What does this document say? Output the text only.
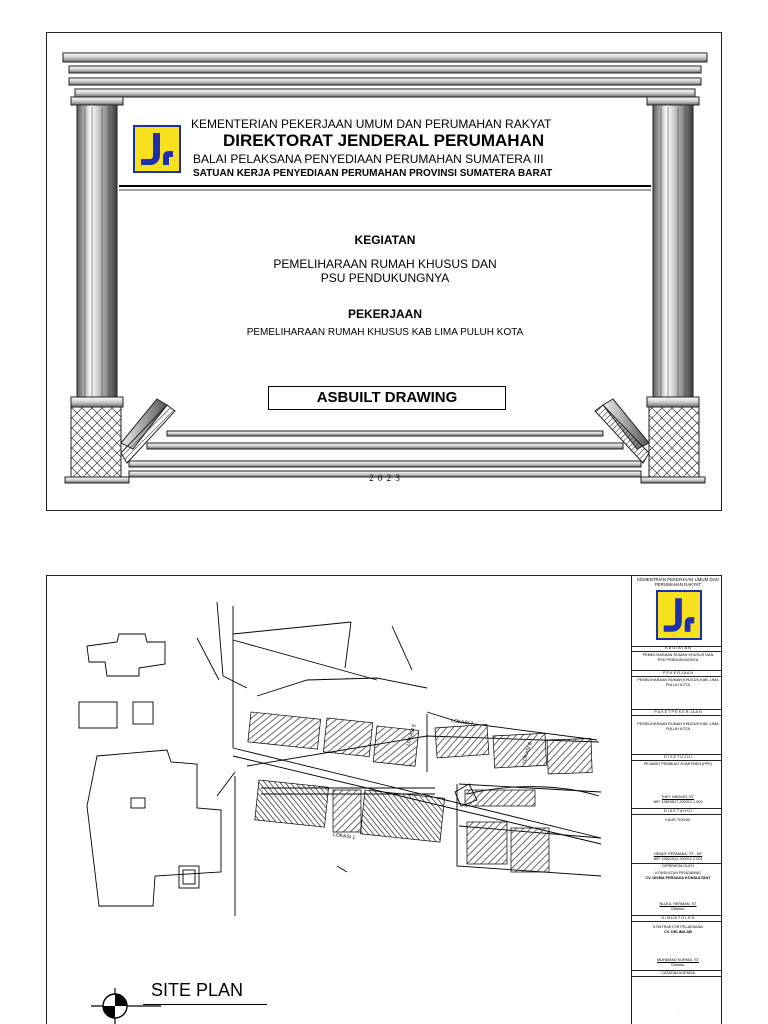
KEMENTERIAN PEKERJAAN UMUM DAN PERUMAHAN RAKYAT
DIREKTORAT JENDERAL PERUMAHAN
BALAI PELAKSANA PENYEDIAAN PERUMAHAN SUMATERA III
SATUAN KERJA PENYEDIAAN PERUMAHAN PROVINSI SUMATERA BARAT
KEGIATAN
PEMELIHARAAN RUMAH KHUSUS DAN
PSU PENDUKUNGNYA
PEKERJAAN
PEMELIHARAAN RUMAH KHUSUS KAB LIMA PULUH KOTA
ASBUILT DRAWING
2 0 2 3
LOKASI 7
LOKASI 1
LOKASI 8
LOKASI 5
SITE PLAN
KEMENTRIAN PEKERJAAN UMUM DAN PERUMAHAN RAKYAT
K E G I A T A N
PEMELIHARAAN RUMAH KHUSUS DAN PSU PENDUKUNGNYA
P E K E R J A A N
PEMELIHARAAN RUMAH KHUSUS KAB. LIMA PULUH KOTA
P A K E T P E K E R J A A N
PEMELIHARAAN RUMAH KHUSUS KAB. LIMA PULUH KOTA
D I S E T U J U I
PEJABAT PEMBUAT KOMITMEN (PPK)
RIKY HIDAYAT, ST
NIP. 19820817 200912 1 002
D I K E T A H U I
KAUR TEKNIK
HENNY PERMANA, ST., MT
NIP. 19821012 200912 2 001
DIPERIKSA OLEH
KONSULTAN PENGAWAS
CV. DISMA PERSADA KONSULTANT
NUZUL HERMAN, ST
Direktur
D I B U A T O L E H
KONTRAKTOR PELAKSANA
CV. DELIMA AB
MUHAMAD KURNIA, ST
Direktur
CATATAN AGENDA
.
